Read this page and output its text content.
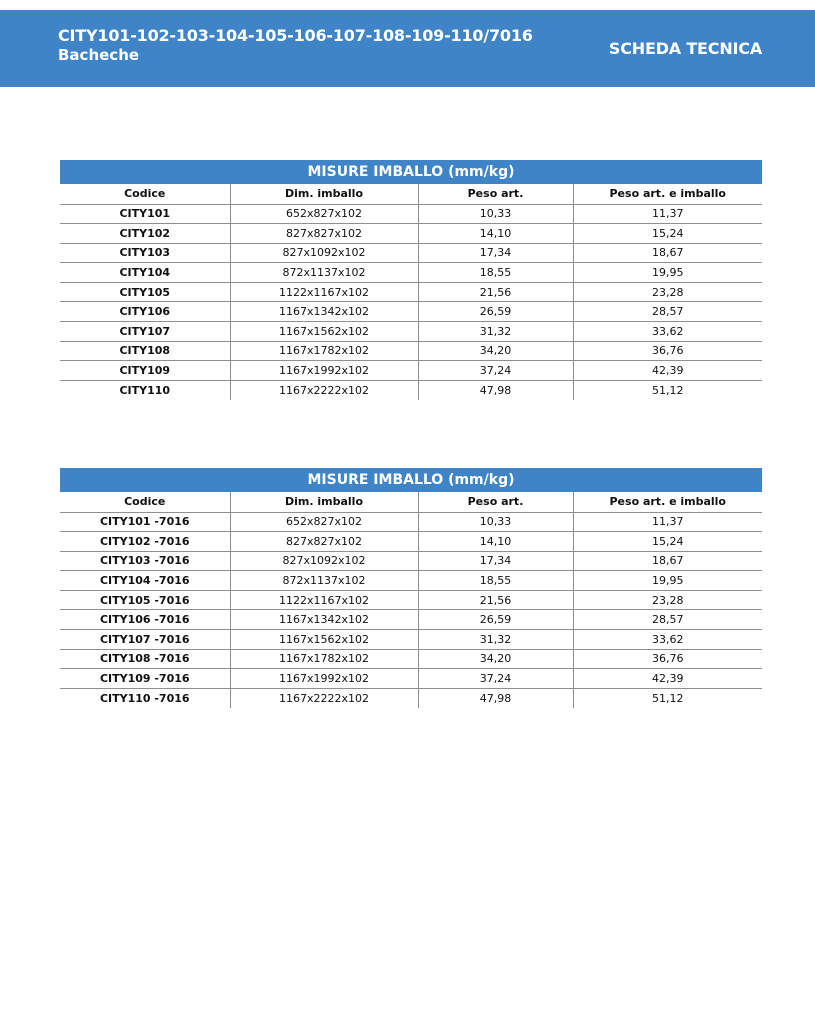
CITY101-102-103-104-105-106-107-108-109-110/7016
Bacheche	SCHEDA TECNICA
MISURE IMBALLO (mm/kg)			
Codice	Dim. imballo	Peso art.	Peso art. e imballo
CITY101	652x827x102	10,33	11,37
CITY102	827x827x102	14,10	15,24
CITY103	827x1092x102	17,34	18,67
CITY104	872x1137x102	18,55	19,95
CITY105	1122x1167x102	21,56	23,28
CITY106	1167x1342x102	26,59	28,57
CITY107	1167x1562x102	31,32	33,62
CITY108	1167x1782x102	34,20	36,76
CITY109	1167x1992x102	37,24	42,39
CITY110	1167x2222x102	47,98	51,12
MISURE IMBALLO (mm/kg)			
Codice	Dim. imballo	Peso art.	Peso art. e imballo
CITY101 -7016	652x827x102	10,33	11,37
CITY102 -7016	827x827x102	14,10	15,24
CITY103 -7016	827x1092x102	17,34	18,67
CITY104 -7016	872x1137x102	18,55	19,95
CITY105 -7016	1122x1167x102	21,56	23,28
CITY106 -7016	1167x1342x102	26,59	28,57
CITY107 -7016	1167x1562x102	31,32	33,62
CITY108 -7016	1167x1782x102	34,20	36,76
CITY109 -7016	1167x1992x102	37,24	42,39
CITY110 -7016	1167x2222x102	47,98	51,12
